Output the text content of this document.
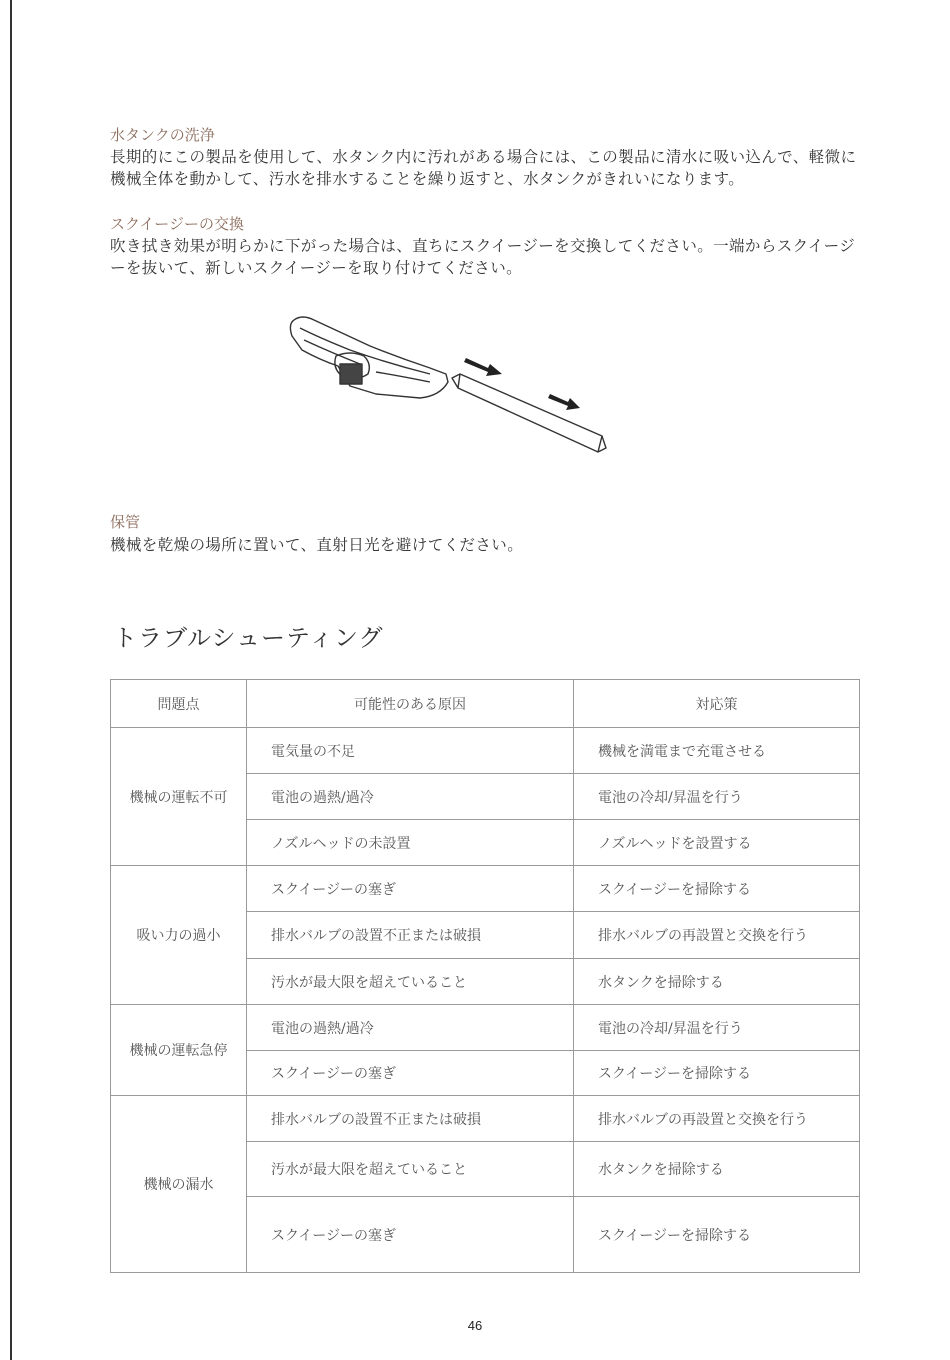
水タンクの洗浄
長期的にこの製品を使用して、水タンク内に汚れがある場合には、この製品に清水に吸い込んで、軽微に機械全体を動かして、汚水を排水することを繰り返すと、水タンクがきれいになります。
スクイージーの交換
吹き拭き効果が明らかに下がった場合は、直ちにスクイージーを交換してください。一端からスクイージーを抜いて、新しいスクイージーを取り付けてください。
保管
機械を乾燥の場所に置いて、直射日光を避けてください。
トラブルシューティング
問題点	可能性のある原因	対応策
機械の運転不可	電気量の不足	機械を満電まで充電させる
	電池の過熱/過冷	電池の冷却/昇温を行う
	ノズルヘッドの未設置	ノズルヘッドを設置する
吸い力の過小	スクイージーの塞ぎ	スクイージーを掃除する
	排水バルブの設置不正または破損	排水バルブの再設置と交換を行う
	汚水が最大限を超えていること	水タンクを掃除する
機械の運転急停	電池の過熱/過冷	電池の冷却/昇温を行う
	スクイージーの塞ぎ	スクイージーを掃除する
機械の漏水	排水バルブの設置不正または破損	排水バルブの再設置と交換を行う
	汚水が最大限を超えていること	水タンクを掃除する
	スクイージーの塞ぎ	スクイージーを掃除する
46
